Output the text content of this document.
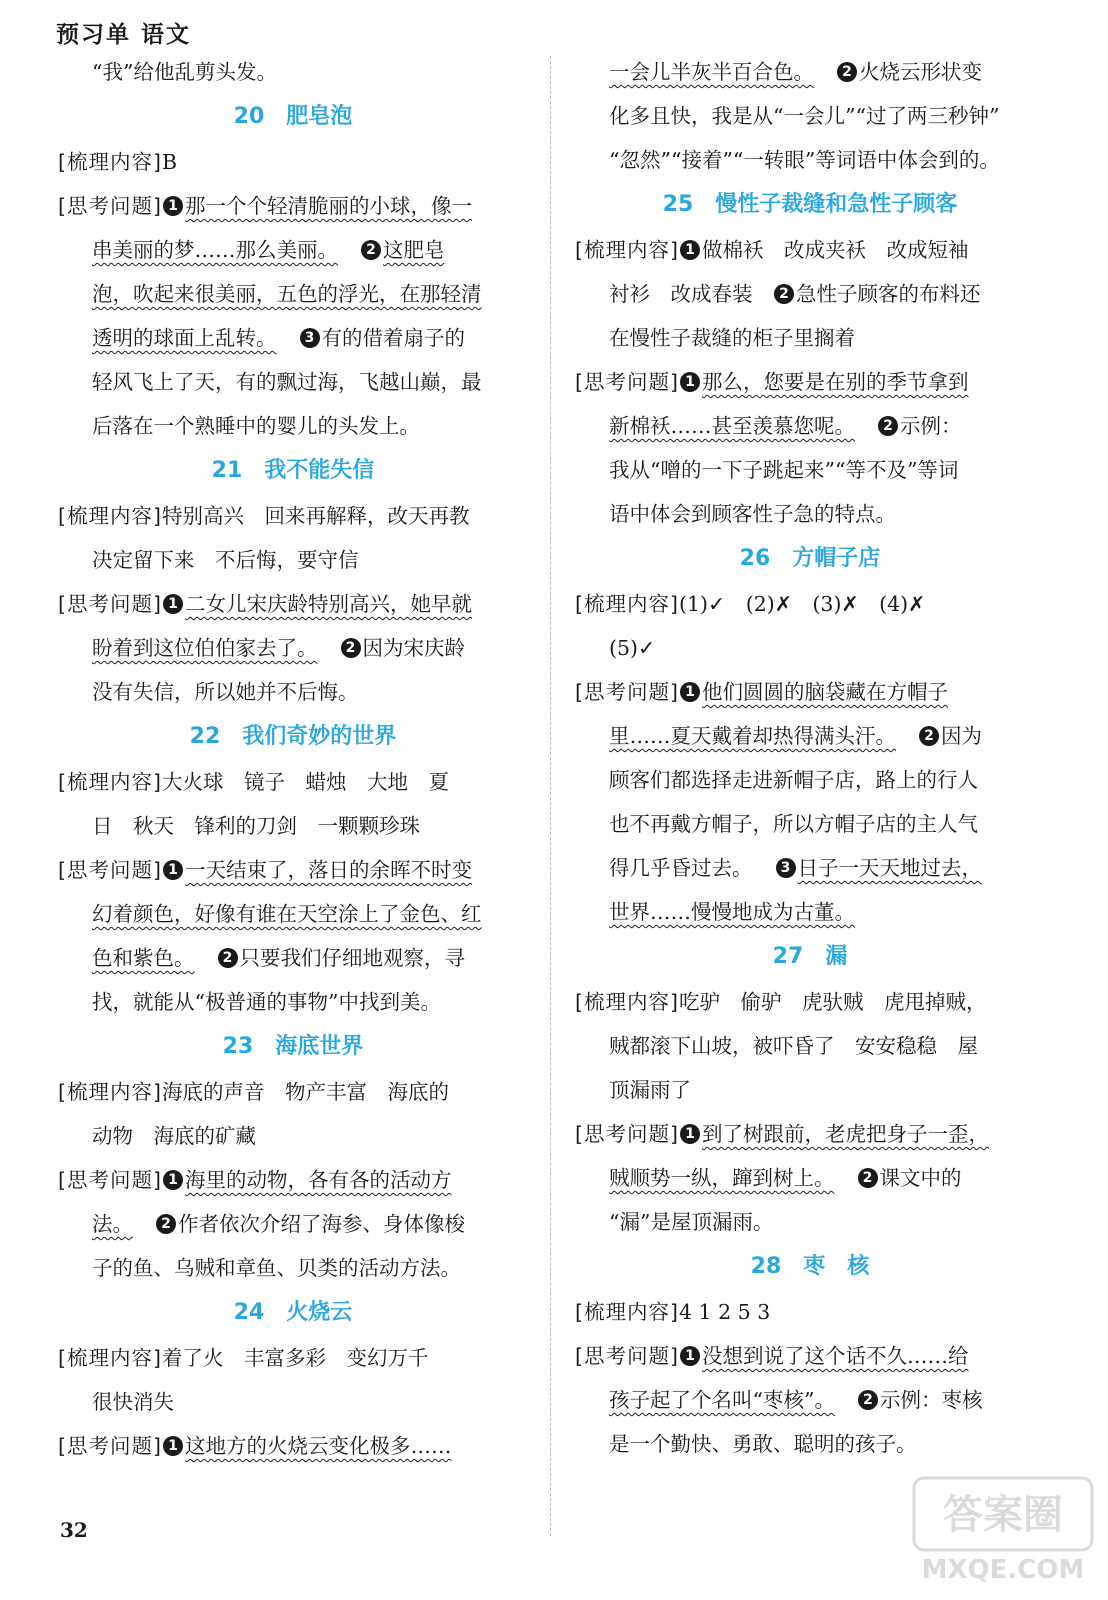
预习单 语文
“我”给他乱剪头发。
20 肥皂泡
[梳理内容] B
[思考问题] 1 那一个个轻清脆丽的小球，像一
串美丽的梦……那么美丽。	2 这肥皂
泡，吹起来很美丽，五色的浮光，在那轻清
透明的球面上乱转。	3 有的借着扇子的
轻风飞上了天，有的飘过海，飞越山巅，最
后落在一个熟睡中的婴儿的头发上。
21 我不能失信
[梳理内容] 特别高兴　回来再解释，改天再教
决定留下来　不后悔，要守信
[思考问题] 1 二女儿宋庆龄特别高兴，她早就
盼着到这位伯伯家去了。	2 因为宋庆龄
没有失信，所以她并不后悔。
22 我们奇妙的世界
[梳理内容] 大火球　镜子　蜡烛　大地　夏
日　秋天　锋利的刀剑　一颗颗珍珠
[思考问题] 1 一天结束了，落日的余晖不时变
幻着颜色，好像有谁在天空涂上了金色、红
色和紫色。	2 只要我们仔细地观察，寻
找，就能从“极普通的事物”中找到美。
23 海底世界
[梳理内容] 海底的声音　物产丰富　海底的
动物　海底的矿藏
[思考问题] 1 海里的动物，各有各的活动方
法。	2 作者依次介绍了海参、身体像梭
子的鱼、乌贼和章鱼、贝类的活动方法。
24 火烧云
[梳理内容] 着了火　丰富多彩　变幻万千
很快消失
[思考问题] 1 这地方的火烧云变化极多……
一会儿半灰半百合色。	2 火烧云形状变
化多且快，我是从“一会儿”“过了两三秒钟”
“忽然”“接着”“一转眼”等词语中体会到的。
25 慢性子裁缝和急性子顾客
[梳理内容] 1 做棉袄　改成夹袄　改成短袖
衬衫　改成春装　 2 急性子顾客的布料还
在慢性子裁缝的柜子里搁着
[思考问题] 1 那么，您要是在别的季节拿到
新棉袄……甚至羡慕您呢。	2 示例：
我从“噌的一下子跳起来”“等不及”等词
语中体会到顾客性子急的特点。
26 方帽子店
[梳理内容] (1)✓　(2)✗　(3)✗　(4)✗
(5)✓
[思考问题] 1 他们圆圆的脑袋藏在方帽子
里……夏天戴着却热得满头汗。	2 因为
顾客们都选择走进新帽子店，路上的行人
也不再戴方帽子，所以方帽子店的主人气
得几乎昏过去。	3 日子一天天地过去，
世界……慢慢地成为古董。
27 漏
[梳理内容] 吃驴　偷驴　虎驮贼　虎甩掉贼，
贼都滚下山坡，被吓昏了　安安稳稳　屋
顶漏雨了
[思考问题] 1 到了树跟前，老虎把身子一歪，
贼顺势一纵，蹿到树上。	2 课文中的
“漏”是屋顶漏雨。
28 枣　核
[梳理内容] 4 1 2 5 3
[思考问题] 1 没想到说了这个话不久……给
孩子起了个名叫“枣核”。	2 示例：枣核
是一个勤快、勇敢、聪明的孩子。
32	答案圈
MXQE.COM
